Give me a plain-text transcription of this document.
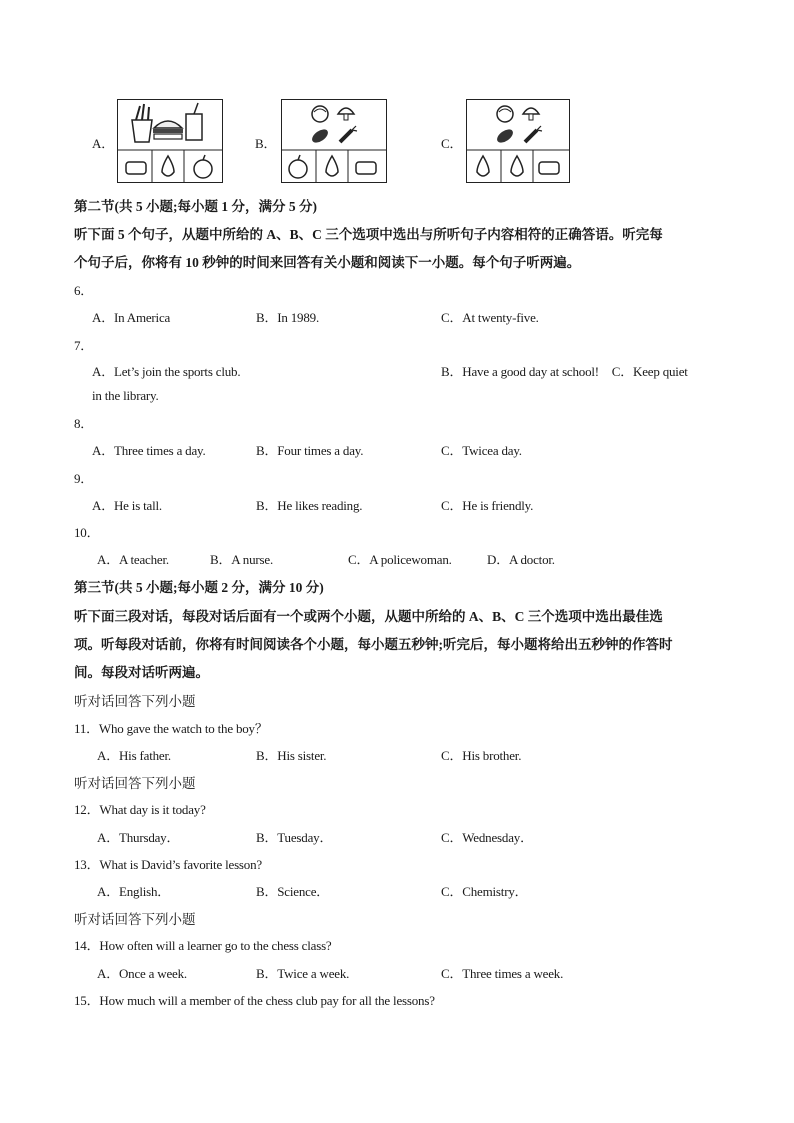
A．	B．	C．
第二节(共 5 小题;每小题 1 分，满分 5 分)
听下面 5 个句子，从题中所给的 A、B、C 三个选项中选出与所听句子内容相符的正确答语。听完每
个句子后，你将有 10 秒钟的时间来回答有关小题和阅读下一小题。每个句子听两遍。
6．
A．In America	B．In 1989.	C．At twenty-five.
7．
A．Let’s join the sports club.	B．Have a good day at school!　C．Keep quiet
in the library.
8．
A．Three times a day.	B．Four times a day.	C．Twicea day.
9．
A．He is tall.	B．He likes reading.	C．He is friendly.
10．
A．A teacher.	B．A nurse.	C．A policewoman.	D．A doctor.
第三节(共 5 小题;每小题 2 分，满分 10 分)
听下面三段对话，每段对话后面有一个或两个小题，从题中所给的 A、B、C 三个选项中选出最佳选
项。听每段对话前，你将有时间阅读各个小题，每小题五秒钟;听完后，每小题将给出五秒钟的作答时
间。每段对话听两遍。
听对话回答下列小题
11．Who gave the watch to the boy？
A．His father.	B．His sister.	C．His brother.
听对话回答下列小题
12．What day is it today?
A．Thursday．	B．Tuesday．	C．Wednesday．
13．What is David’s favorite lesson?
A．English．	B．Science．	C．Chemistry．
听对话回答下列小题
14．How often will a learner go to the chess class?
A．Once a week.	B．Twice a week.	C．Three times a week.
15．How much will a member of the chess club pay for all the lessons?
